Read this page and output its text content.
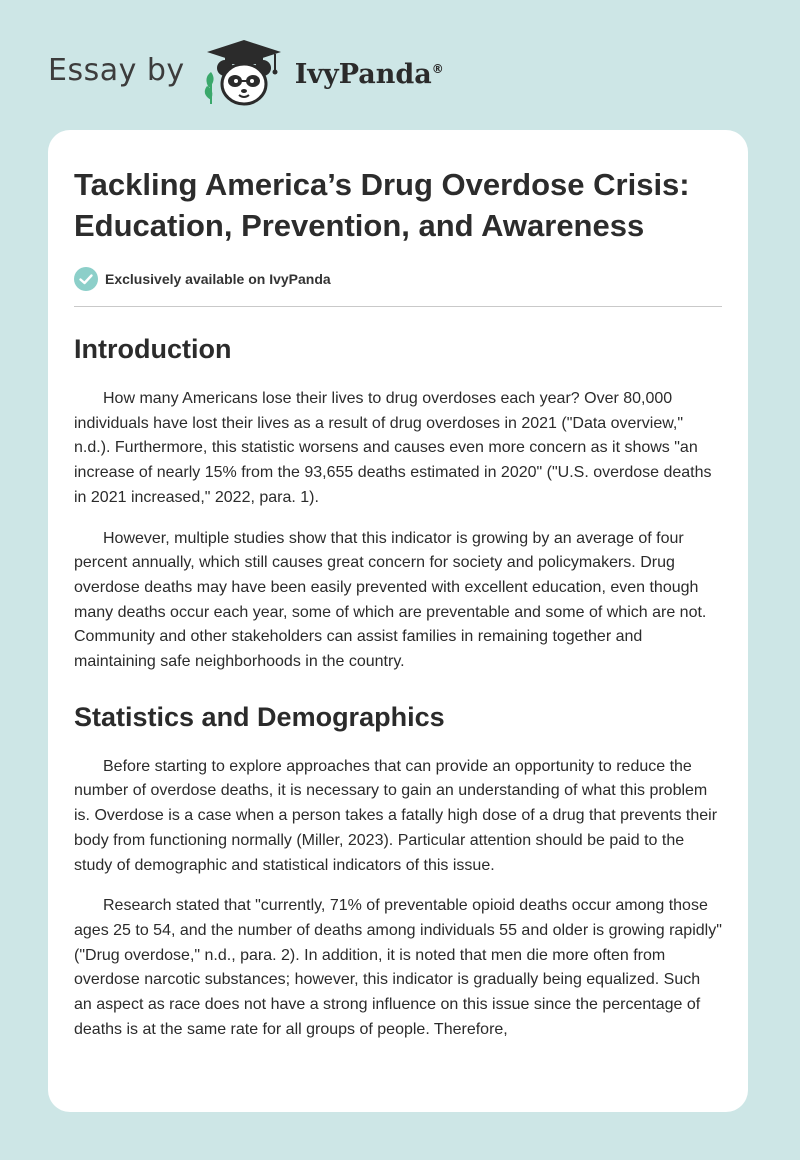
Essay by	IvyPanda®
Tackling America’s Drug Overdose Crisis: Education, Prevention, and Awareness
Exclusively available on IvyPanda
Introduction

How many Americans lose their lives to drug overdoses each year? Over 80,000 individuals have lost their lives as a result of drug overdoses in 2021 ("Data overview," n.d.). Furthermore, this statistic worsens and causes even more concern as it shows "an increase of nearly 15% from the 93,655 deaths estimated in 2020" ("U.S. overdose deaths in 2021 increased," 2022, para. 1).

However, multiple studies show that this indicator is growing by an average of four percent annually, which still causes great concern for society and policymakers. Drug overdose deaths may have been easily prevented with excellent education, even though many deaths occur each year, some of which are preventable and some of which are not. Community and other stakeholders can assist families in remaining together and maintaining safe neighborhoods in the country.

Statistics and Demographics

Before starting to explore approaches that can provide an opportunity to reduce the number of overdose deaths, it is necessary to gain an understanding of what this problem is. Overdose is a case when a person takes a fatally high dose of a drug that prevents their body from functioning normally (Miller, 2023). Particular attention should be paid to the study of demographic and statistical indicators of this issue.

Research stated that "currently, 71% of preventable opioid deaths occur among those ages 25 to 54, and the number of deaths among individuals 55 and older is growing rapidly" ("Drug overdose," n.d., para. 2). In addition, it is noted that men die more often from overdose narcotic substances; however, this indicator is gradually being equalized. Such an aspect as race does not have a strong influence on this issue since the percentage of deaths is at the same rate for all groups of people. Therefore,
